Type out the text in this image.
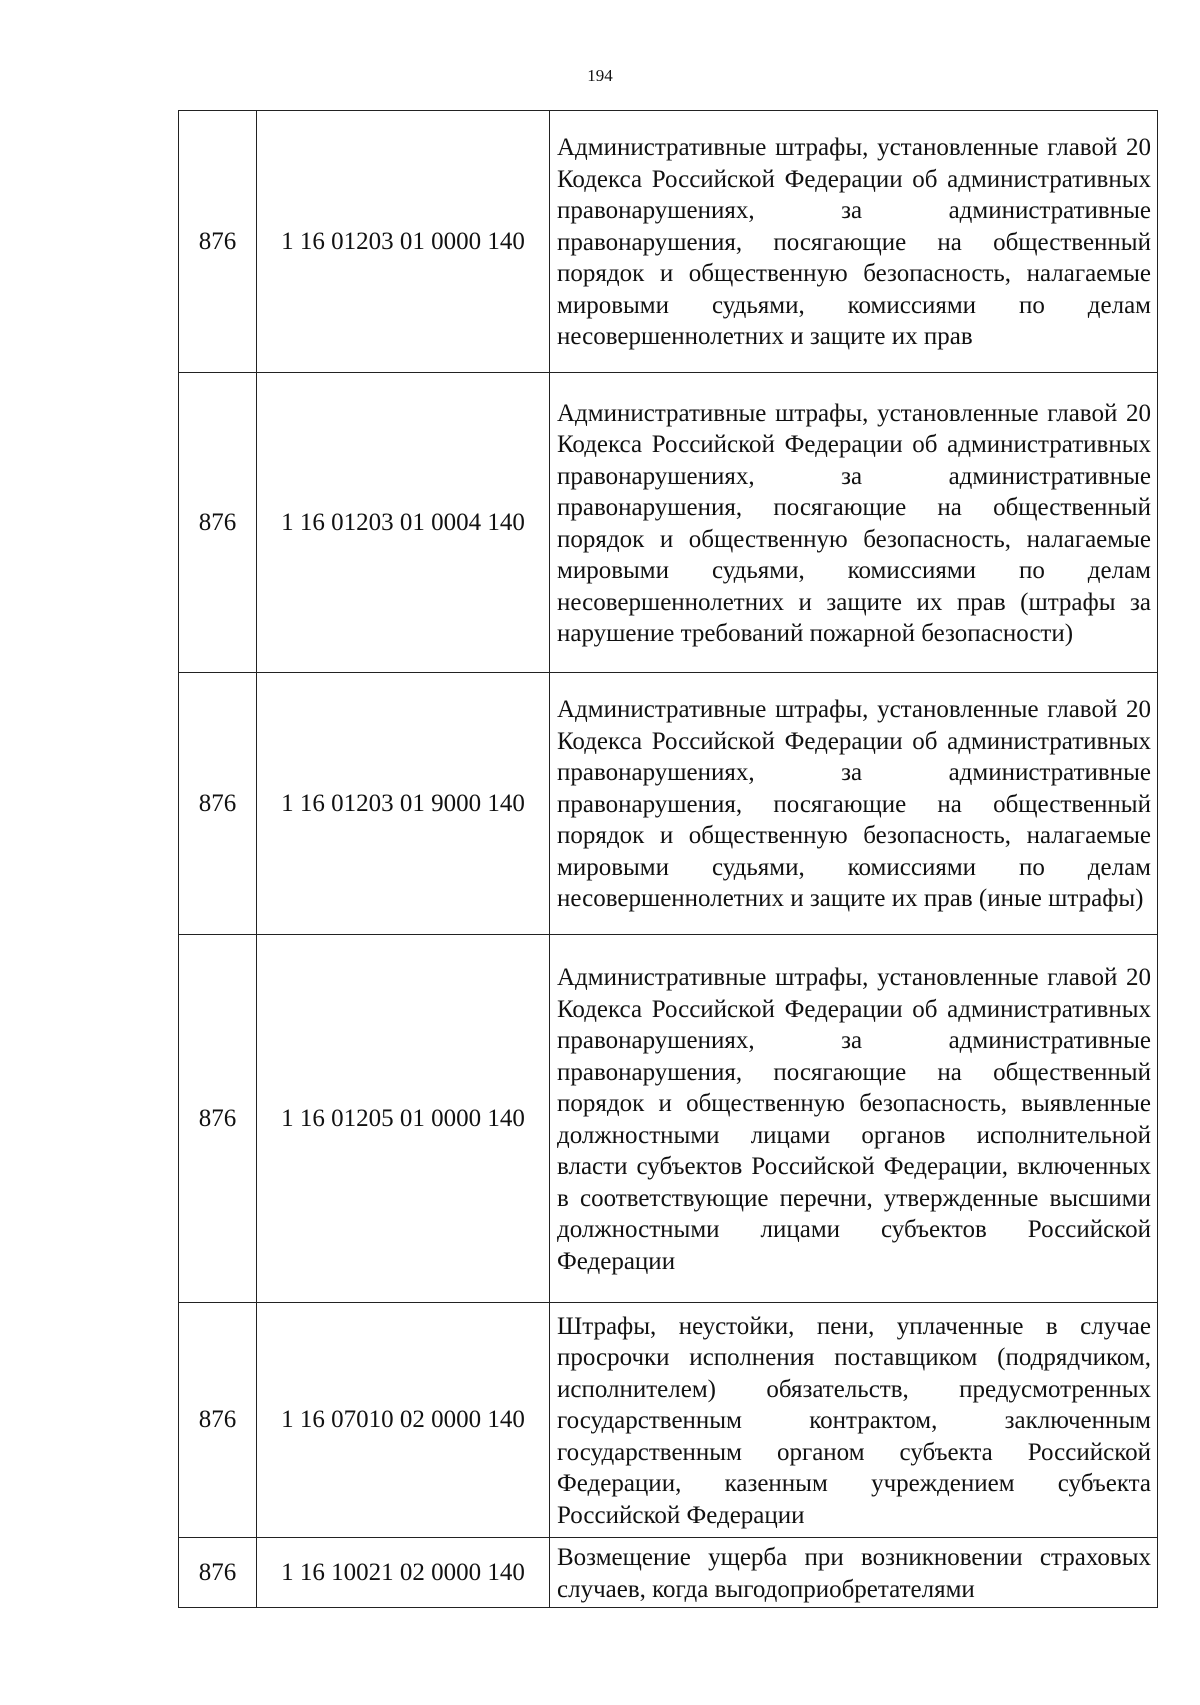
194
876	1 16 01203 01 0000 140	Административные штрафы, установленные главой 20 Кодекса Российской Федерации об административных правонарушениях, за административные правонарушения, посягающие на общественный порядок и общественную безопасность, налагаемые мировыми судьями, комиссиями по делам несовершеннолетних и защите их прав

876	1 16 01203 01 0004 140	Административные штрафы, установленные главой 20 Кодекса Российской Федерации об административных правонарушениях, за административные правонарушения, посягающие на общественный порядок и общественную безопасность, налагаемые мировыми судьями, комиссиями по делам несовершеннолетних и защите их прав (штрафы за нарушение требований пожарной безопасности)

876	1 16 01203 01 9000 140	Административные штрафы, установленные главой 20 Кодекса Российской Федерации об административных правонарушениях, за административные правонарушения, посягающие на общественный порядок и общественную безопасность, налагаемые мировыми судьями, комиссиями по делам несовершеннолетних и защите их прав (иные штрафы)

876	1 16 01205 01 0000 140	Административные штрафы, установленные главой 20 Кодекса Российской Федерации об административных правонарушениях, за административные правонарушения, посягающие на общественный порядок и общественную безопасность, выявленные должностными лицами органов исполнительной власти субъектов Российской Федерации, включенных в соответствующие перечни, утвержденные высшими должностными лицами субъектов Российской Федерации

876	1 16 07010 02 0000 140	Штрафы, неустойки, пени, уплаченные в случае просрочки исполнения поставщиком (подрядчиком, исполнителем) обязательств, предусмотренных государственным контрактом, заключенным государственным органом субъекта Российской Федерации, казенным учреждением субъекта Российской Федерации

876	1 16 10021 02 0000 140	Возмещение ущерба при возникновении страховых случаев, когда выгодоприобретателями
